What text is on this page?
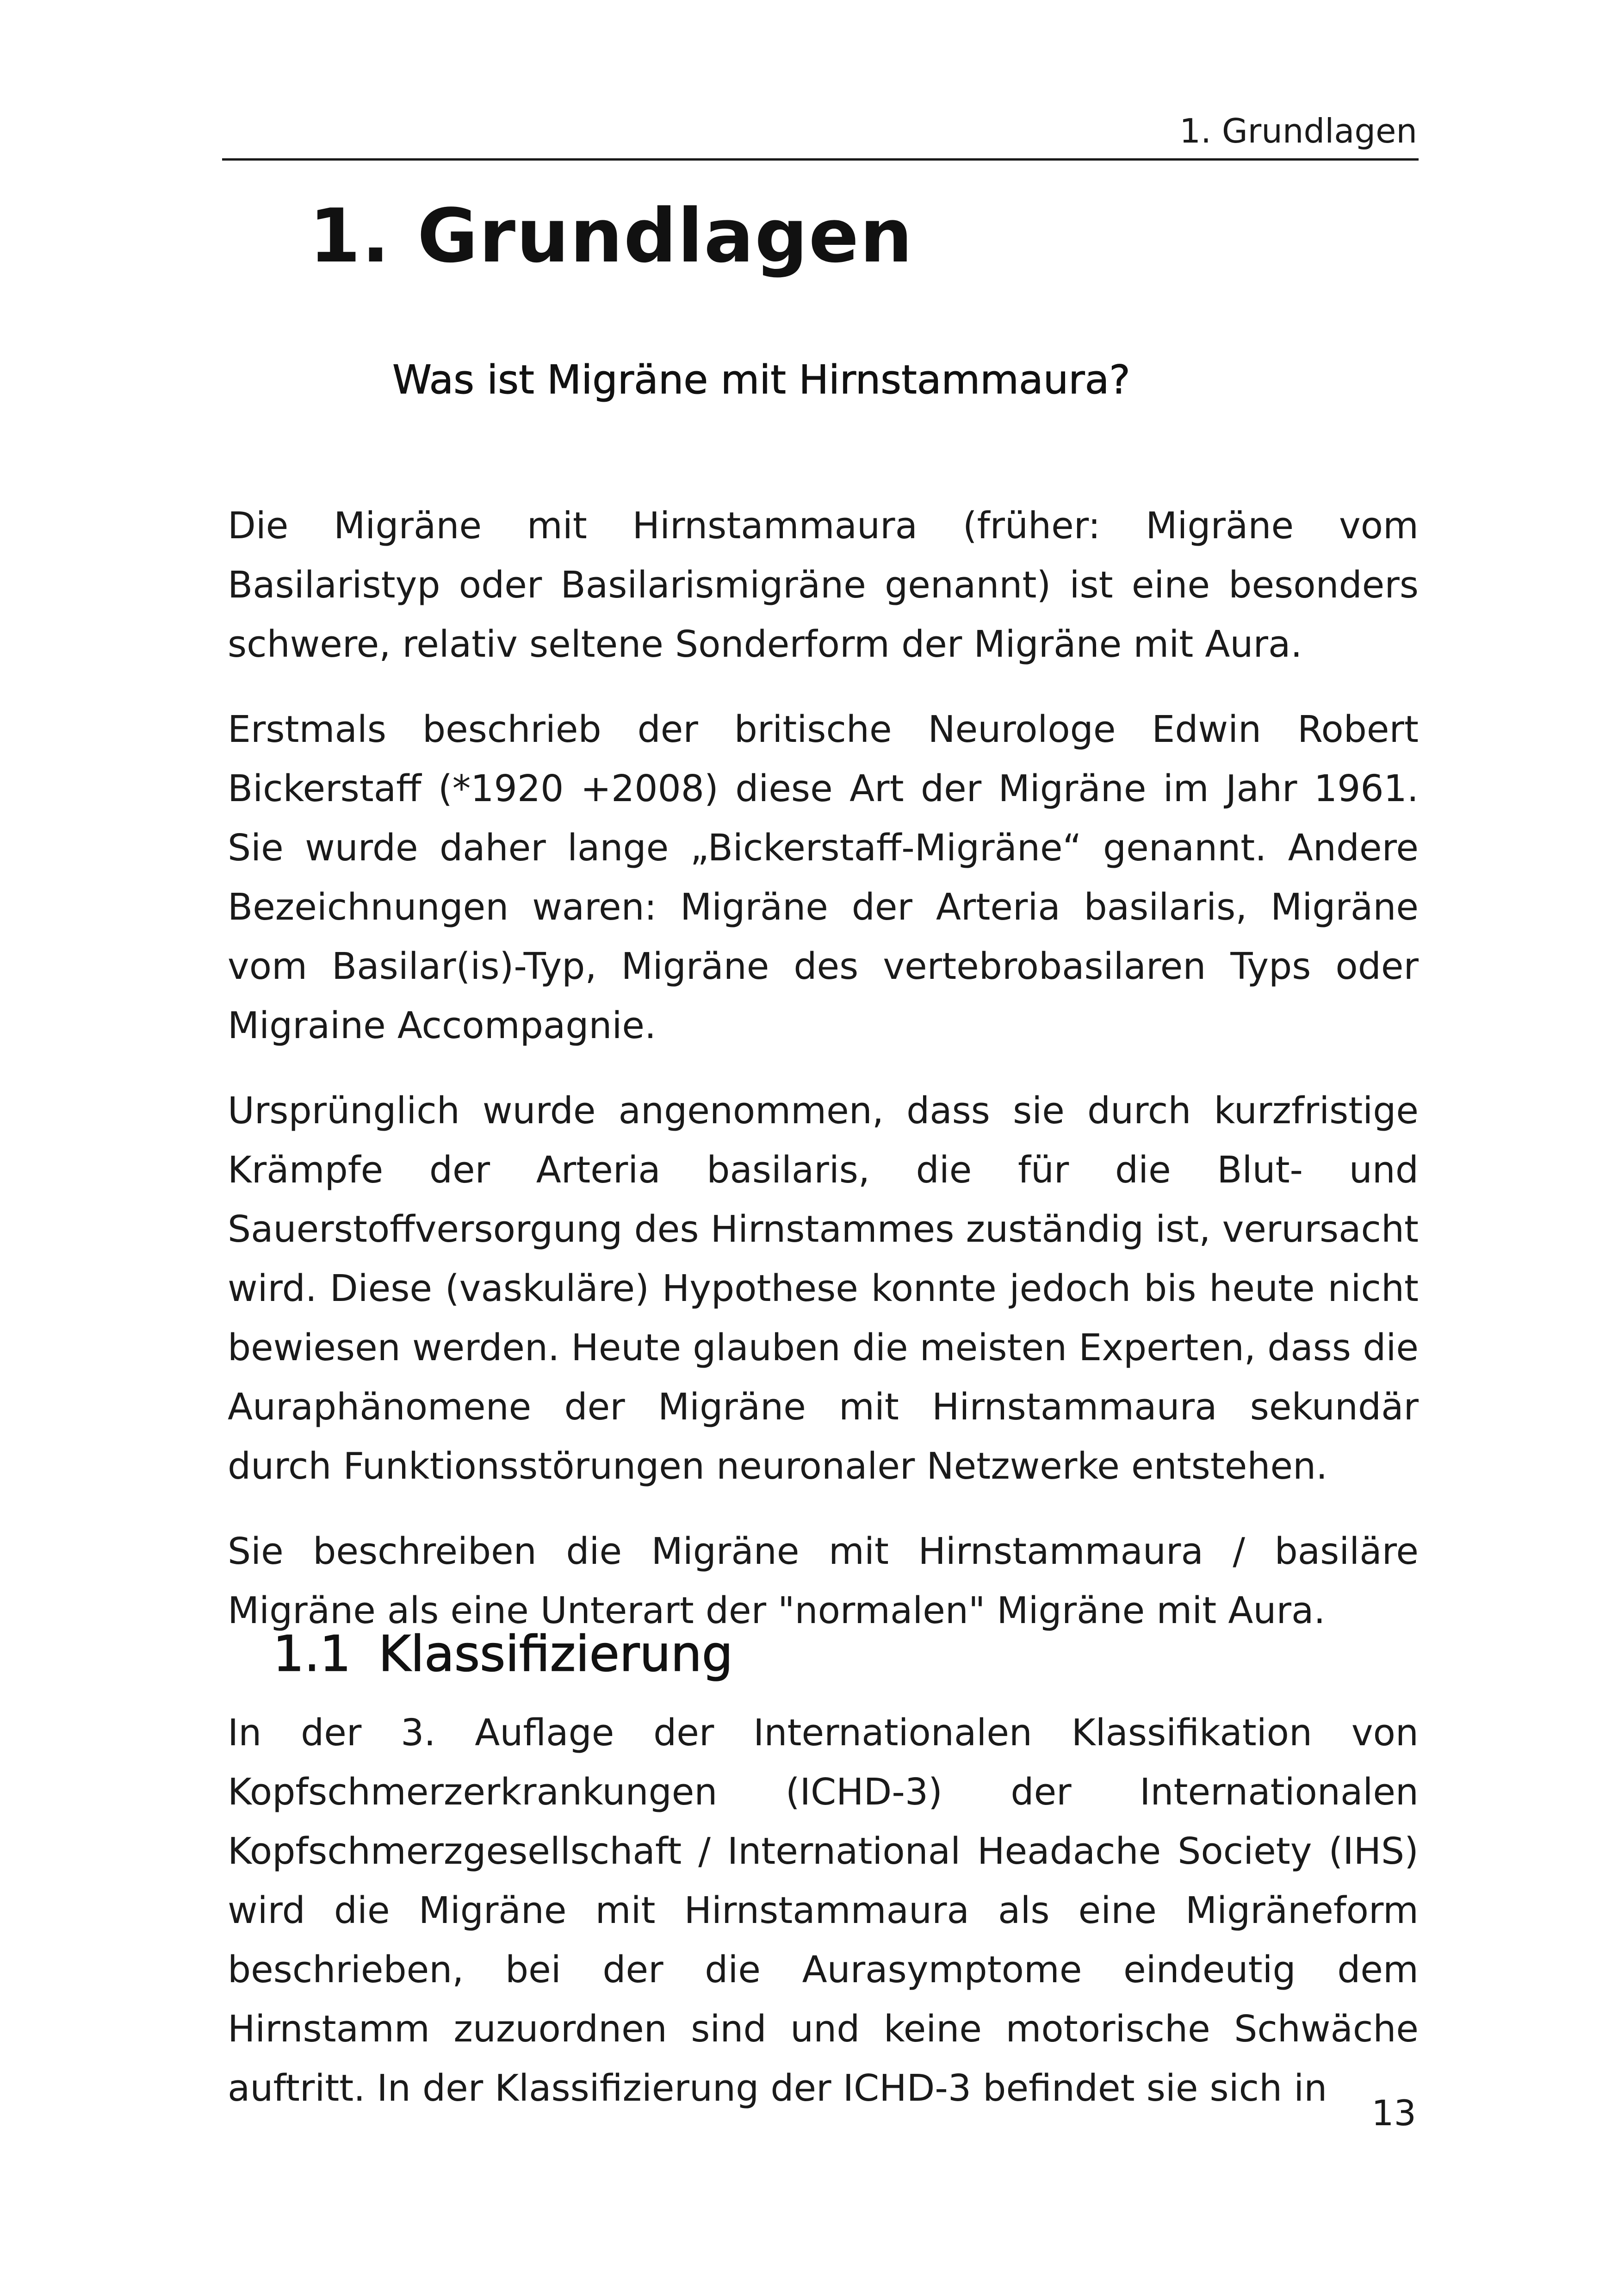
1. Grundlagen
1. Grundlagen
Was ist Migräne mit Hirnstammaura?

Die Migräne mit Hirnstammaura (früher: Migräne vom Basilaristyp oder Basilarismigräne genannt) ist eine besonders schwere, relativ seltene Sonderform der Migräne mit Aura.

Erstmals beschrieb der britische Neurologe Edwin Robert Bickerstaff (*1920 +2008) diese Art der Migräne im Jahr 1961. Sie wurde daher lange „Bickerstaff-Migräne“ genannt. Andere Bezeichnungen waren: Migräne der Arteria basilaris, Migräne vom Basilar(is)-Typ, Migräne des vertebrobasilaren Typs oder Migraine Accompagnie.

Ursprünglich wurde angenommen, dass sie durch kurzfristige Krämpfe der Arteria basilaris, die für die Blut- und Sauerstoffversorgung des Hirnstammes zuständig ist, verursacht wird. Diese (vaskuläre) Hypothese konnte jedoch bis heute nicht bewiesen werden. Heute glauben die meisten Experten, dass die Auraphänomene der Migräne mit Hirnstammaura sekundär durch Funktionsstörungen neuronaler Netzwerke entstehen.

Sie beschreiben die Migräne mit Hirnstammaura / basiläre Migräne als eine Unterart der "normalen" Migräne mit Aura.

1.1 Klassifizierung

In der 3. Auflage der Internationalen Klassifikation von Kopfschmerzerkrankungen (ICHD-3) der Internationalen Kopfschmerzgesellschaft / International Headache Society (IHS) wird die Migräne mit Hirnstammaura als eine Migräneform beschrieben, bei der die Aurasymptome eindeutig dem Hirnstamm zuzuordnen sind und keine motorische Schwäche auftritt. In der Klassifizierung der ICHD-3 befindet sie sich in

13
